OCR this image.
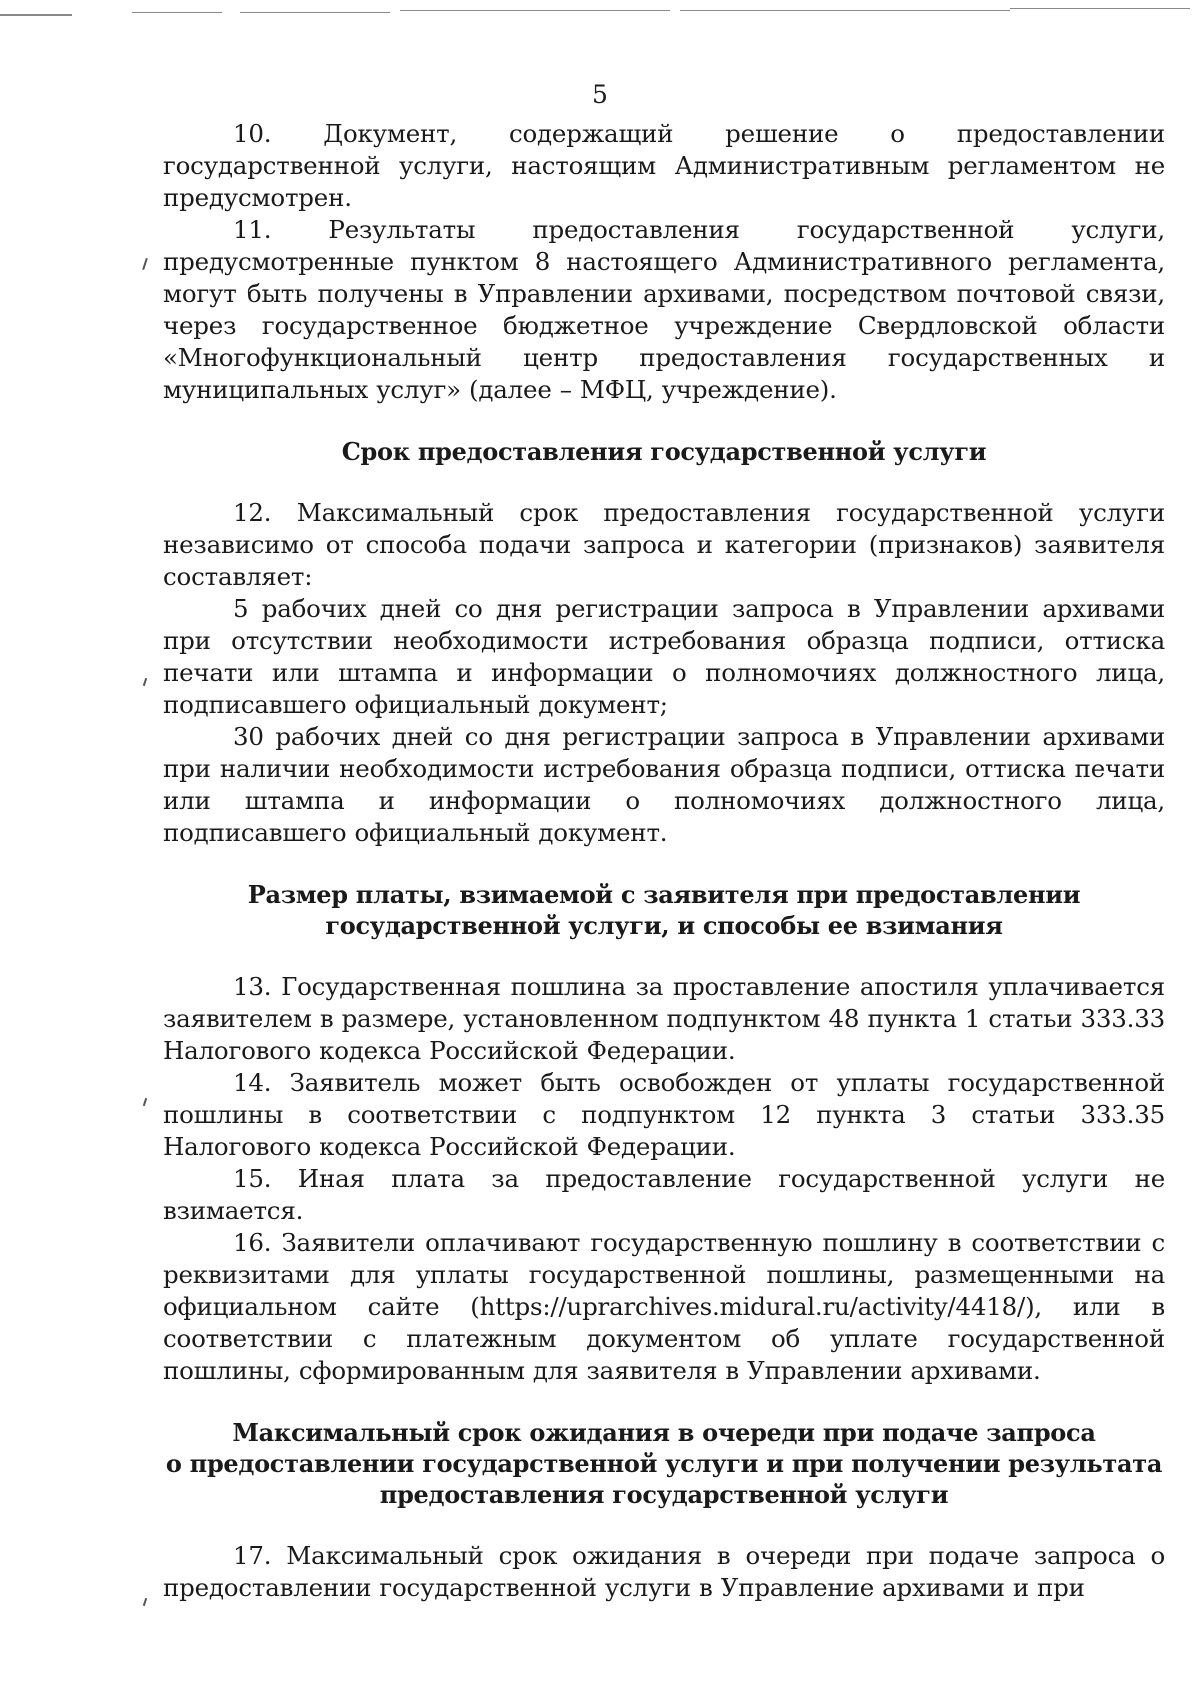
5

10. Документ, содержащий решение о предоставлении государственной услуги, настоящим Административным регламентом не предусмотрен.

11. Результаты предоставления государственной услуги, предусмотренные пунктом 8 настоящего Административного регламента, могут быть получены в Управлении архивами, посредством почтовой связи, через государственное бюджетное учреждение Свердловской области «Многофункциональный центр предоставления государственных и муниципальных услуг» (далее – МФЦ, учреждение).

Срок предоставления государственной услуги

12. Максимальный срок предоставления государственной услуги независимо от способа подачи запроса и категории (признаков) заявителя составляет:

5 рабочих дней со дня регистрации запроса в Управлении архивами при отсутствии необходимости истребования образца подписи, оттиска печати или штампа и информации о полномочиях должностного лица, подписавшего официальный документ;

30 рабочих дней со дня регистрации запроса в Управлении архивами при наличии необходимости истребования образца подписи, оттиска печати или штампа и информации о полномочиях должностного лица, подписавшего официальный документ.

Размер платы, взимаемой с заявителя при предоставлении
государственной услуги, и способы ее взимания

13. Государственная пошлина за проставление апостиля уплачивается заявителем в размере, установленном подпунктом 48 пункта 1 статьи 333.33 Налогового кодекса Российской Федерации.

14. Заявитель может быть освобожден от уплаты государственной пошлины в соответствии с подпунктом 12 пункта 3 статьи 333.35 Налогового кодекса Российской Федерации.

15. Иная плата за предоставление государственной услуги не взимается.

16. Заявители оплачивают государственную пошлину в соответствии с реквизитами для уплаты государственной пошлины, размещенными на официальном сайте (https://uprarchives.midural.ru/activity/4418/), или в соответствии с платежным документом об уплате государственной пошлины, сформированным для заявителя в Управлении архивами.

Максимальный срок ожидания в очереди при подаче запроса
о предоставлении государственной услуги и при получении результата
предоставления государственной услуги

17. Максимальный срок ожидания в очереди при подаче запроса о предоставлении государственной услуги в Управление архивами и при
